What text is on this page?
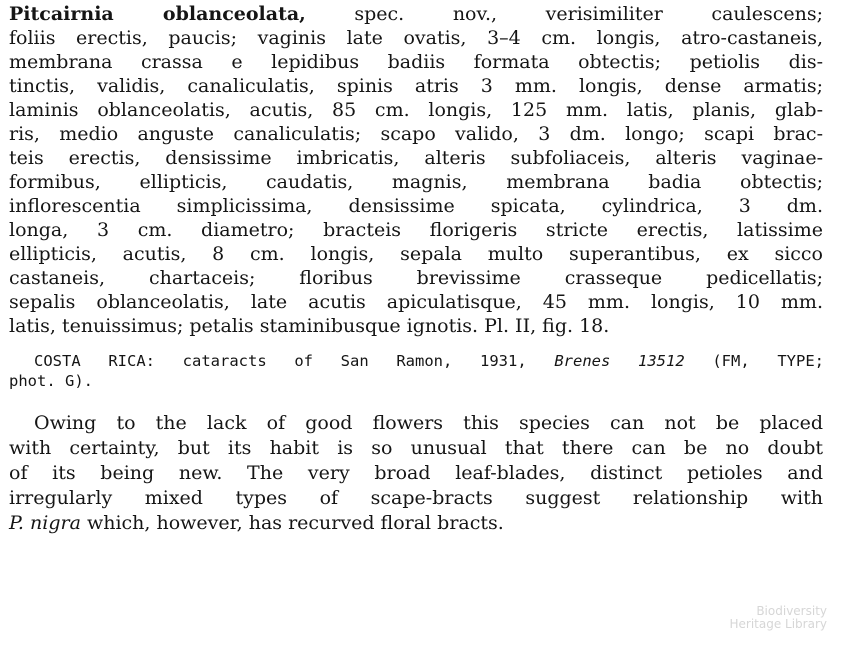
Pitcairnia oblanceolata, spec. nov., verisimiliter caulescens;
foliis erectis, paucis; vaginis late ovatis, 3–4 cm. longis, atro-castaneis,
membrana crassa e lepidibus badiis formata obtectis; petiolis dis-
tinctis, validis, canaliculatis, spinis atris 3 mm. longis, dense armatis;
laminis oblanceolatis, acutis, 85 cm. longis, 125 mm. latis, planis, glab-
ris, medio anguste canaliculatis; scapo valido, 3 dm. longo; scapi brac-
teis erectis, densissime imbricatis, alteris subfoliaceis, alteris vaginae-
formibus, ellipticis, caudatis, magnis, membrana badia obtectis;
inflorescentia simplicissima, densissime spicata, cylindrica, 3 dm.
longa, 3 cm. diametro; bracteis florigeris stricte erectis, latissime
ellipticis, acutis, 8 cm. longis, sepala multo superantibus, ex sicco
castaneis, chartaceis; floribus brevissime crasseque pedicellatis;
sepalis oblanceolatis, late acutis apiculatisque, 45 mm. longis, 10 mm.
latis, tenuissimus; petalis staminibusque ignotis. Pl. II, fig. 18.
COSTA RICA: cataracts of San Ramon, 1931, Brenes 13512 (FM, TYPE;
phot. G).
Owing to the lack of good flowers this species can not be placed
with certainty, but its habit is so unusual that there can be no doubt
of its being new. The very broad leaf-blades, distinct petioles and
irregularly mixed types of scape-bracts suggest relationship with
P. nigra which, however, has recurved floral bracts.
Biodiversity
Heritage Library
